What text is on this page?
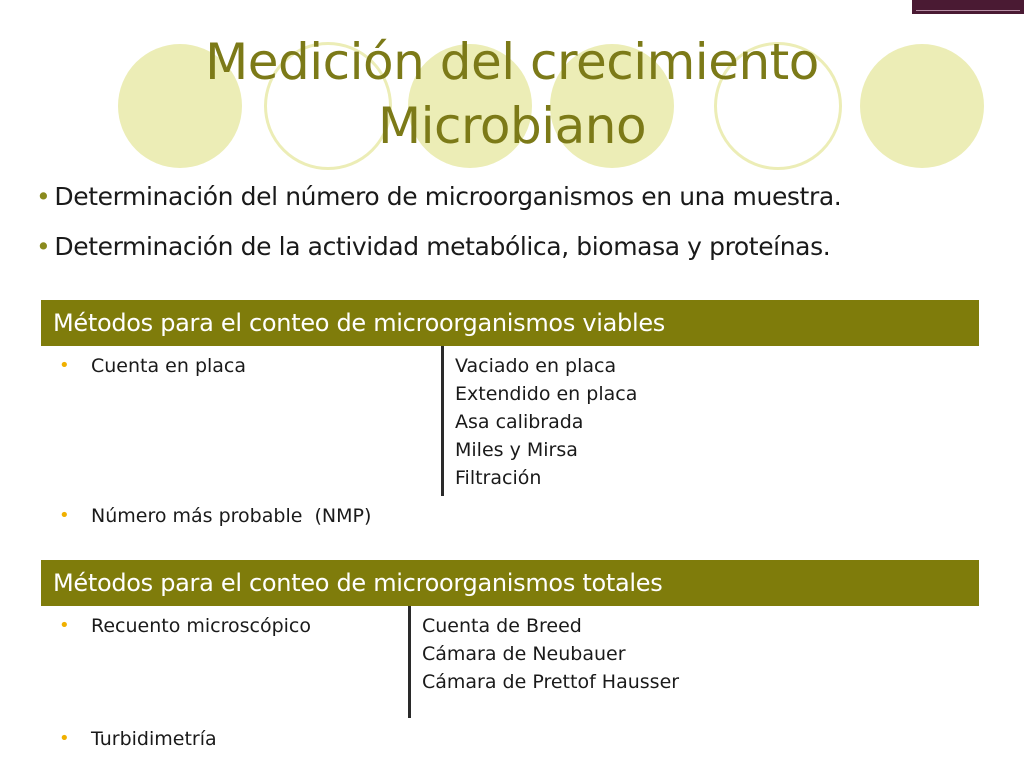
Medición del crecimiento
Microbiano
• Determinación del número de microorganismos en una muestra.
• Determinación de la actividad metabólica, biomasa y proteínas.
Métodos para el conteo de microorganismos viables
• Cuenta en placa	Vaciado en placa
Extendido en placa
Asa calibrada
Miles y Mirsa
Filtración
• Número más probable  (NMP)
Métodos para el conteo de microorganismos totales
• Recuento microscópico	Cuenta de Breed
Cámara de Neubauer
Cámara de Prettof Hausser
• Turbidimetría
